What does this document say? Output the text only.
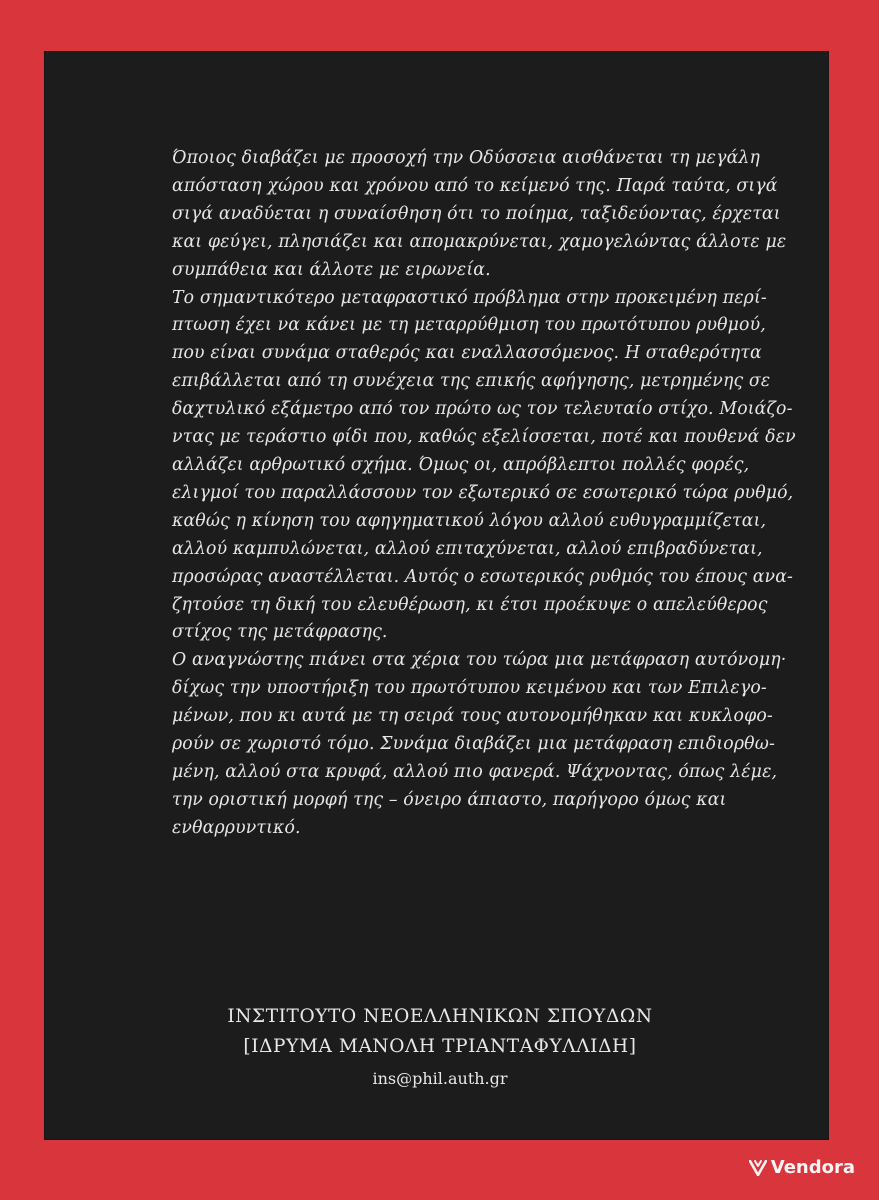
Όποιος διαβάζει με προσοχή την Οδύσσεια αισθάνεται τη μεγάλη
απόσταση χώρου και χρόνου από το κείμενό της. Παρά ταύτα, σιγά
σιγά αναδύεται η συναίσθηση ότι το ποίημα, ταξιδεύοντας, έρχεται
και φεύγει, πλησιάζει και απομακρύνεται, χαμογελώντας άλλοτε με
συμπάθεια και άλλοτε με ειρωνεία.
Το σημαντικότερο μεταφραστικό πρόβλημα στην προκειμένη περί-
πτωση έχει να κάνει με τη μεταρρύθμιση του πρωτότυπου ρυθμού,
που είναι συνάμα σταθερός και εναλλασσόμενος. Η σταθερότητα
επιβάλλεται από τη συνέχεια της επικής αφήγησης, μετρημένης σε
δαχτυλικό εξάμετρο από τον πρώτο ως τον τελευταίο στίχο. Μοιάζο-
ντας με τεράστιο φίδι που, καθώς εξελίσσεται, ποτέ και πουθενά δεν
αλλάζει αρθρωτικό σχήμα. Όμως οι, απρόβλεπτοι πολλές φορές,
ελιγμοί του παραλλάσσουν τον εξωτερικό σε εσωτερικό τώρα ρυθμό,
καθώς η κίνηση του αφηγηματικού λόγου αλλού ευθυγραμμίζεται,
αλλού καμπυλώνεται, αλλού επιταχύνεται, αλλού επιβραδύνεται,
προσώρας αναστέλλεται. Αυτός ο εσωτερικός ρυθμός του έπους ανα-
ζητούσε τη δική του ελευθέρωση, κι έτσι προέκυψε ο απελεύθερος
στίχος της μετάφρασης.
Ο αναγνώστης πιάνει στα χέρια του τώρα μια μετάφραση αυτόνομη·
δίχως την υποστήριξη του πρωτότυπου κειμένου και των Επιλεγο-
μένων, που κι αυτά με τη σειρά τους αυτονομήθηκαν και κυκλοφο-
ρούν σε χωριστό τόμο. Συνάμα διαβάζει μια μετάφραση επιδιορθω-
μένη, αλλού στα κρυφά, αλλού πιο φανερά. Ψάχνοντας, όπως λέμε,
την οριστική μορφή της – όνειρο άπιαστο, παρήγορο όμως και
ενθαρρυντικό.
ΙΝΣΤΙΤΟΥΤΟ ΝΕΟΕΛΛΗΝΙΚΩΝ ΣΠΟΥΔΩΝ
[ΙΔΡΥΜΑ ΜΑΝΟΛΗ ΤΡΙΑΝΤΑΦΥΛΛΙΔΗ]
ins@phil.auth.gr
Vendora
